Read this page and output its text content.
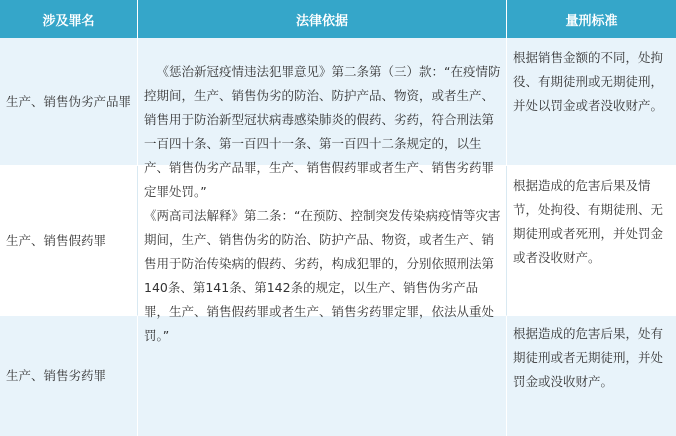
涉及罪名	法律依据	量刑标准
生产、销售伪劣产品罪
生产、销售假药罪
生产、销售劣药罪
根据销售金额的不同，处拘役、有期徒刑或无期徒刑，并处以罚金或者没收财产。
根据造成的危害后果及情节，处拘役、有期徒刑、无期徒刑或者死刑，并处罚金或者没收财产。
根据造成的危害后果，处有期徒刑或者无期徒刑，并处罚金或没收财产。

《惩治新冠疫情违法犯罪意见》第二条第（三）款：“在疫情防控期间，生产、销售伪劣的防治、防护产品、物资，或者生产、销售用于防治新型冠状病毒感染肺炎的假药、劣药，符合刑法第一百四十条、第一百四十一条、第一百四十二条规定的，以生产、销售伪劣产品罪，生产、销售假药罪或者生产、销售劣药罪定罪处罚。”

《两高司法解释》第二条：“在预防、控制突发传染病疫情等灾害期间，生产、销售伪劣的防治、防护产品、物资，或者生产、销售用于防治传染病的假药、劣药，构成犯罪的，分别依照刑法第140条、第141条、第142条的规定，以生产、销售伪劣产品罪，生产、销售假药罪或者生产、销售劣药罪定罪，依法从重处罚。”
